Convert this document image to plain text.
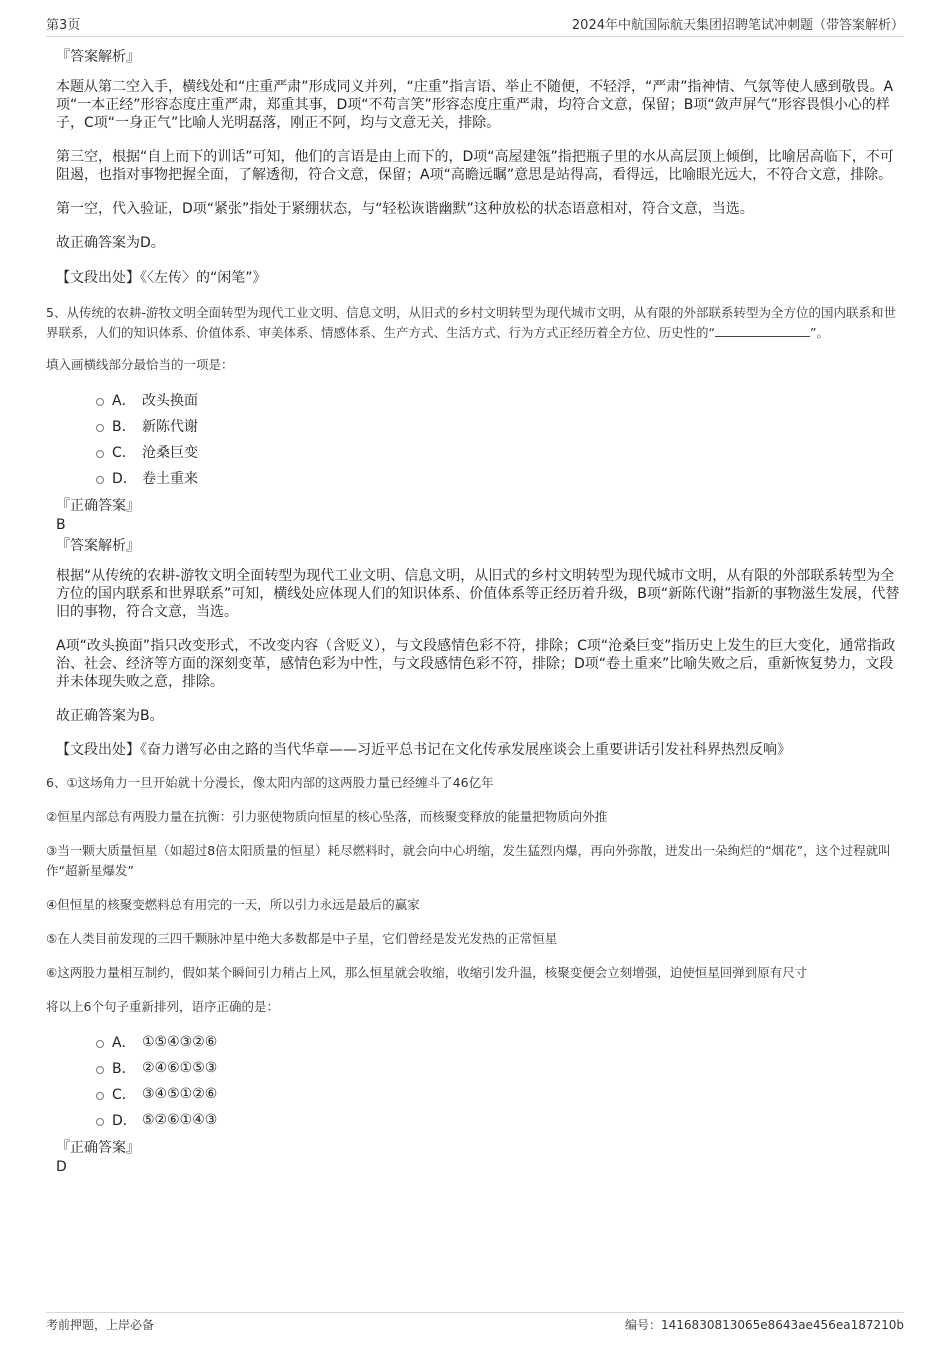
第3页	2024年中航国际航天集团招聘笔试冲刺题（带答案解析）
『答案解析』

本题从第二空入手，横线处和“庄重严肃”形成同义并列，“庄重”指言语、举止不随便，不轻浮，“严肃”指神情、气氛等使人感到敬畏。A项“一本正经”形容态度庄重严肃，郑重其事，D项“不苟言笑”形容态度庄重严肃，均符合文意，保留；B项“敛声屏气”形容畏惧小心的样子，C项“一身正气”比喻人光明磊落，刚正不阿，均与文意无关，排除。

第三空，根据“自上而下的训话”可知，他们的言语是由上而下的，D项“高屋建瓴”指把瓶子里的水从高层顶上倾倒，比喻居高临下，不可阻遏，也指对事物把握全面，了解透彻，符合文意，保留；A项“高瞻远瞩”意思是站得高，看得远，比喻眼光远大，不符合文意，排除。

第一空，代入验证，D项“紧张”指处于紧绷状态，与“轻松诙谐幽默”这种放松的状态语意相对，符合文意，当选。

故正确答案为D。

【文段出处】《〈左传〉的“闲笔”》

5、从传统的农耕-游牧文明全面转型为现代工业文明、信息文明，从旧式的乡村文明转型为现代城市文明，从有限的外部联系转型为全方位的国内联系和世界联系，人们的知识体系、价值体系、审美体系、情感体系、生产方式、生活方式、行为方式正经历着全方位、历史性的“	”。

填入画横线部分最恰当的一项是：

A． 改头换面
B． 新陈代谢
C． 沧桑巨变
D． 卷土重来
『正确答案』
B
『答案解析』

根据“从传统的农耕-游牧文明全面转型为现代工业文明、信息文明，从旧式的乡村文明转型为现代城市文明，从有限的外部联系转型为全方位的国内联系和世界联系”可知，横线处应体现人们的知识体系、价值体系等正经历着升级，B项“新陈代谢”指新的事物滋生发展，代替旧的事物，符合文意，当选。

A项“改头换面”指只改变形式，不改变内容（含贬义），与文段感情色彩不符，排除；C项“沧桑巨变”指历史上发生的巨大变化，通常指政治、社会、经济等方面的深刻变革，感情色彩为中性，与文段感情色彩不符，排除；D项“卷土重来”比喻失败之后，重新恢复势力，文段并未体现失败之意，排除。

故正确答案为B。

【文段出处】《奋力谱写必由之路的当代华章——习近平总书记在文化传承发展座谈会上重要讲话引发社科界热烈反响》

6、①这场角力一旦开始就十分漫长，像太阳内部的这两股力量已经缠斗了46亿年

②恒星内部总有两股力量在抗衡：引力驱使物质向恒星的核心坠落，而核聚变释放的能量把物质向外推

③当一颗大质量恒星（如超过8倍太阳质量的恒星）耗尽燃料时，就会向中心坍缩，发生猛烈内爆，再向外弥散，迸发出一朵绚烂的“烟花”，这个过程就叫作“超新星爆发”

④但恒星的核聚变燃料总有用完的一天，所以引力永远是最后的赢家

⑤在人类目前发现的三四千颗脉冲星中绝大多数都是中子星，它们曾经是发光发热的正常恒星

⑥这两股力量相互制约，假如某个瞬间引力稍占上风，那么恒星就会收缩，收缩引发升温，核聚变便会立刻增强，迫使恒星回弹到原有尺寸

将以上6个句子重新排列，语序正确的是：

A． ①⑤④③②⑥
B． ②④⑥①⑤③
C． ③④⑤①②⑥
D． ⑤②⑥①④③
『正确答案』
D
考前押题，上岸必备	编号：1416830813065e8643ae456ea187210b
